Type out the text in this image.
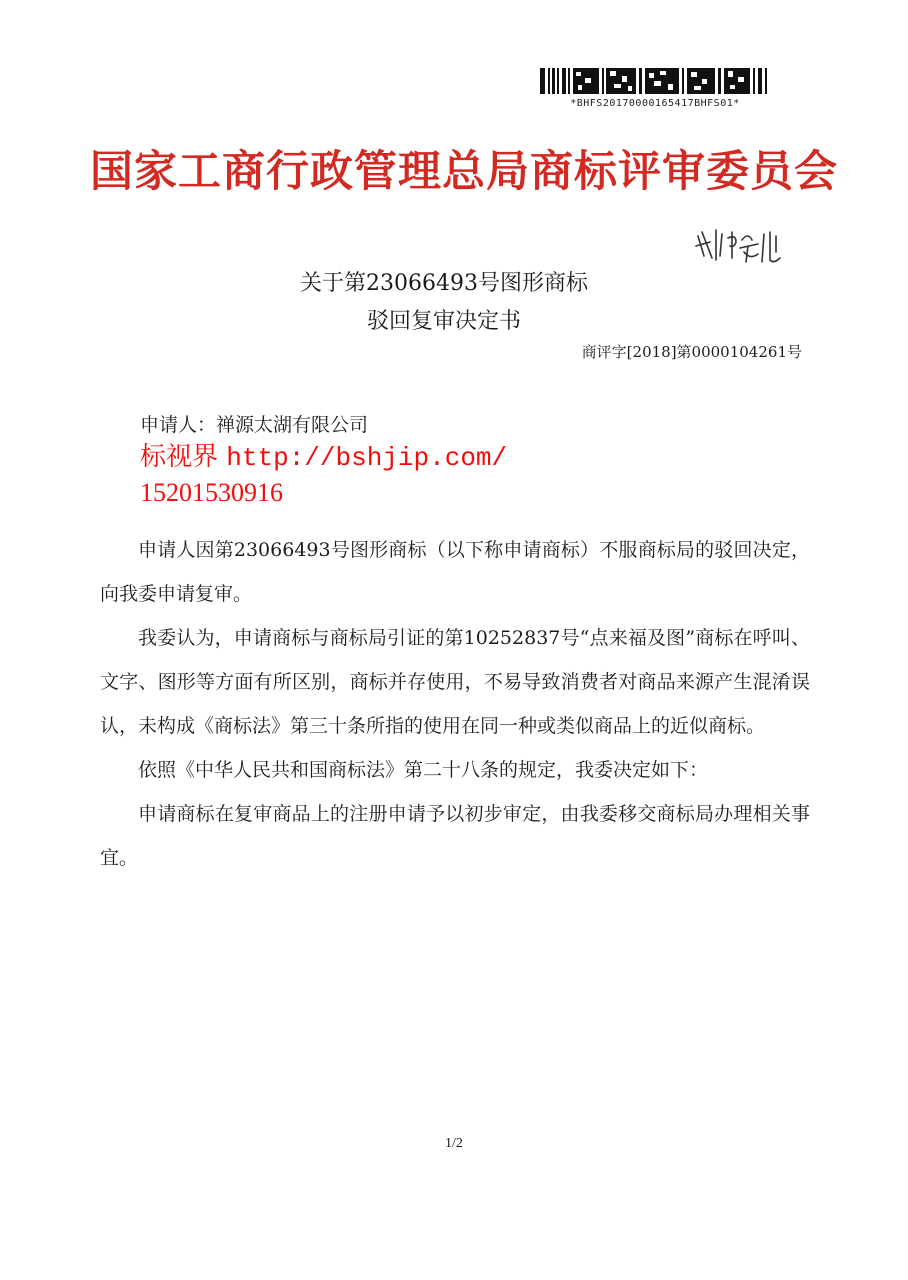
*BHFS20170000165417BHFS01*
国家工商行政管理总局商标评审委员会
关于第23066493号图形商标
驳回复审决定书
商评字[2018]第0000104261号
申请人：禅源太湖有限公司
标视界 http://bshjip.com/
15201530916

申请人因第23066493号图形商标（以下称申请商标）不服商标局的驳回决定，向我委申请复审。

我委认为，申请商标与商标局引证的第10252837号“点来福及图”商标在呼叫、文字、图形等方面有所区别，商标并存使用，不易导致消费者对商品来源产生混淆误认，未构成《商标法》第三十条所指的使用在同一种或类似商品上的近似商标。

依照《中华人民共和国商标法》第二十八条的规定，我委决定如下：

申请商标在复审商品上的注册申请予以初步审定，由我委移交商标局办理相关事宜。

1/2
